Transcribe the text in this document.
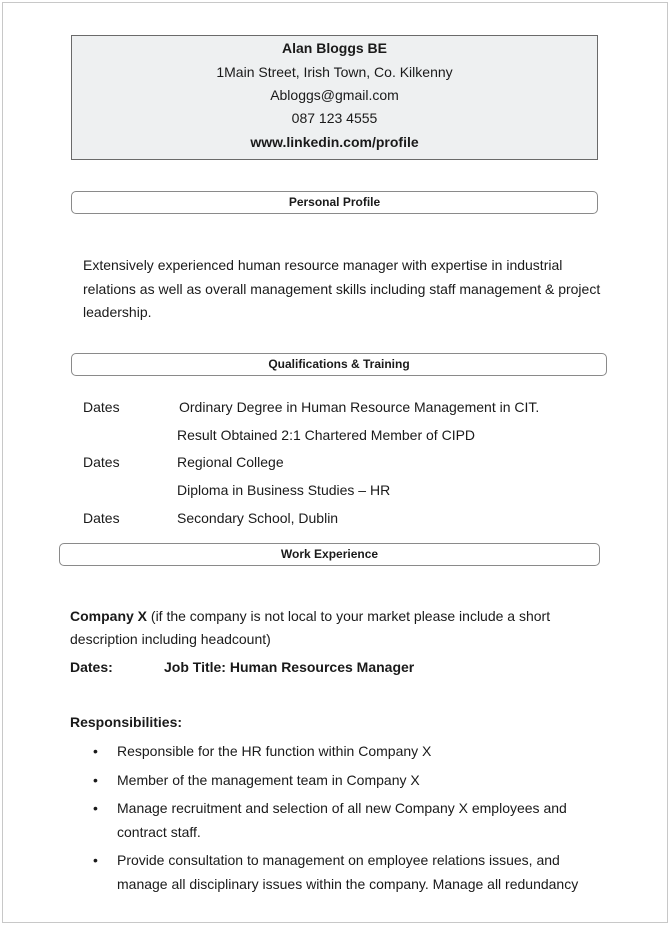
Alan Bloggs BE
1Main Street, Irish Town, Co. Kilkenny
Abloggs@gmail.com
087 123 4555
www.linkedin.com/profile
Personal Profile
Extensively experienced human resource manager with expertise in industrial
relations as well as overall management skills including staff management & project
leadership.
Qualifications & Training
Dates	Ordinary Degree in Human Resource Management in CIT.
Result Obtained 2:1 Chartered Member of CIPD
Dates	Regional College
Diploma in Business Studies – HR
Dates	Secondary School, Dublin
Work Experience
Company X (if the company is not local to your market please include a short
description including headcount)
Dates:	Job Title: Human Resources Manager
Responsibilities:
• Responsible for the HR function within Company X
• Member of the management team in Company X
• Manage recruitment and selection of all new Company X employees and
contract staff.
• Provide consultation to management on employee relations issues, and
manage all disciplinary issues within the company. Manage all redundancy
